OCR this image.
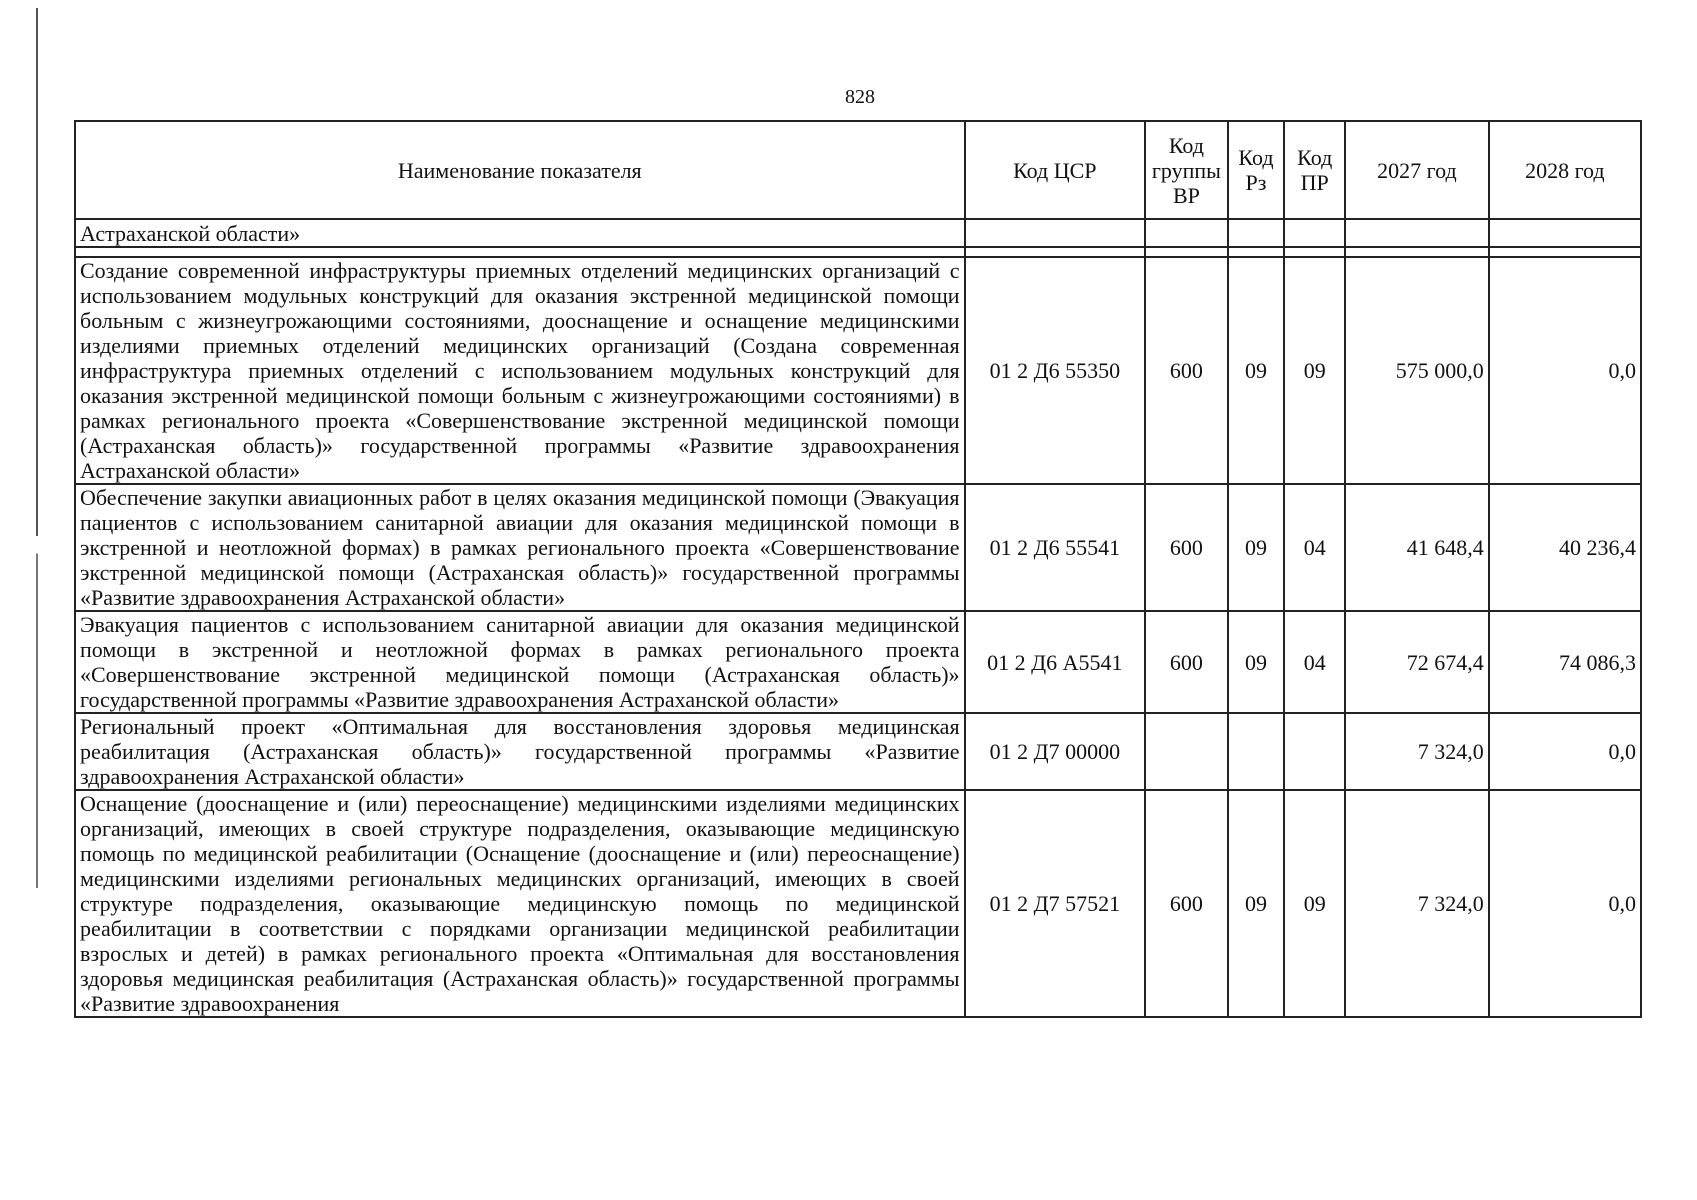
828
Наименование показателя	Код ЦСР	Код группы ВР	Код Рз	Код ПР	2027 год	2028 год
Астраханской области»						

Создание современной инфраструктуры приемных отделений медицинских организаций с использованием модульных конструкций для оказания экстренной медицинской помощи больным с жизнеугрожающими состояниями, дооснащение и оснащение медицинскими изделиями приемных отделений медицинских организаций (Создана современная инфраструктура приемных отделений с использованием модульных конструкций для оказания экстренной медицинской помощи больным с жизнеугрожающими состояниями) в рамках регионального проекта «Совершенствование экстренной медицинской помощи (Астраханская область)» государственной программы «Развитие здравоохранения Астраханской области»	01 2 Д6 55350	600	09	09	575 000,0	0,0
Обеспечение закупки авиационных работ в целях оказания медицинской помощи (Эвакуация пациентов с использованием санитарной авиации для оказания медицинской помощи в экстренной и неотложной формах) в рамках регионального проекта «Совершенствование экстренной медицинской помощи (Астраханская область)» государственной программы «Развитие здравоохранения Астраханской области»	01 2 Д6 55541	600	09	04	41 648,4	40 236,4
Эвакуация пациентов с использованием санитарной авиации для оказания медицинской помощи в экстренной и неотложной формах в рамках регионального проекта «Совершенствование экстренной медицинской помощи (Астраханская область)» государственной программы «Развитие здравоохранения Астраханской области»	01 2 Д6 А5541	600	09	04	72 674,4	74 086,3
Региональный проект «Оптимальная для восстановления здоровья медицинская реабилитация (Астраханская область)» государственной программы «Развитие здравоохранения Астраханской области»	01 2 Д7 00000				7 324,0	0,0
Оснащение (дооснащение и (или) переоснащение) медицинскими изделиями медицинских организаций, имеющих в своей структуре подразделения, оказывающие медицинскую помощь по медицинской реабилитации (Оснащение (дооснащение и (или) переоснащение) медицинскими изделиями региональных медицинских организаций, имеющих в своей структуре подразделения, оказывающие медицинскую помощь по медицинской реабилитации в соответствии с порядками организации медицинской реабилитации взрослых и детей) в рамках регионального проекта «Оптимальная для восстановления здоровья медицинская реабилитация (Астраханская область)» государственной программы «Развитие здравоохранения	01 2 Д7 57521	600	09	09	7 324,0	0,0
